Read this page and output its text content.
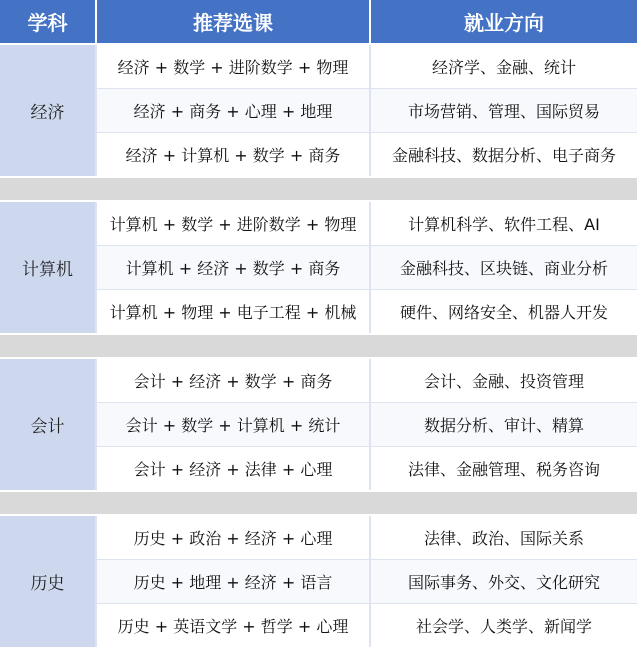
学科	推荐选课	就业方向
经济
经济 + 数学 + 进阶数学 + 物理	经济学、金融、统计
经济 + 商务 + 心理 + 地理	市场营销、管理、国际贸易
经济 + 计算机 + 数学 + 商务	金融科技、数据分析、电子商务
计算机
计算机 + 数学 + 进阶数学 + 物理	计算机科学、软件工程、AI
计算机 + 经济 + 数学 + 商务	金融科技、区块链、商业分析
计算机 + 物理 + 电子工程 + 机械	硬件、网络安全、机器人开发
会计
会计 + 经济 + 数学 + 商务	会计、金融、投资管理
会计 + 数学 + 计算机 + 统计	数据分析、审计、精算
会计 + 经济 + 法律 + 心理	法律、金融管理、税务咨询
历史
历史 + 政治 + 经济 + 心理	法律、政治、国际关系
历史 + 地理 + 经济 + 语言	国际事务、外交、文化研究
历史 + 英语文学 + 哲学 + 心理	社会学、人类学、新闻学
